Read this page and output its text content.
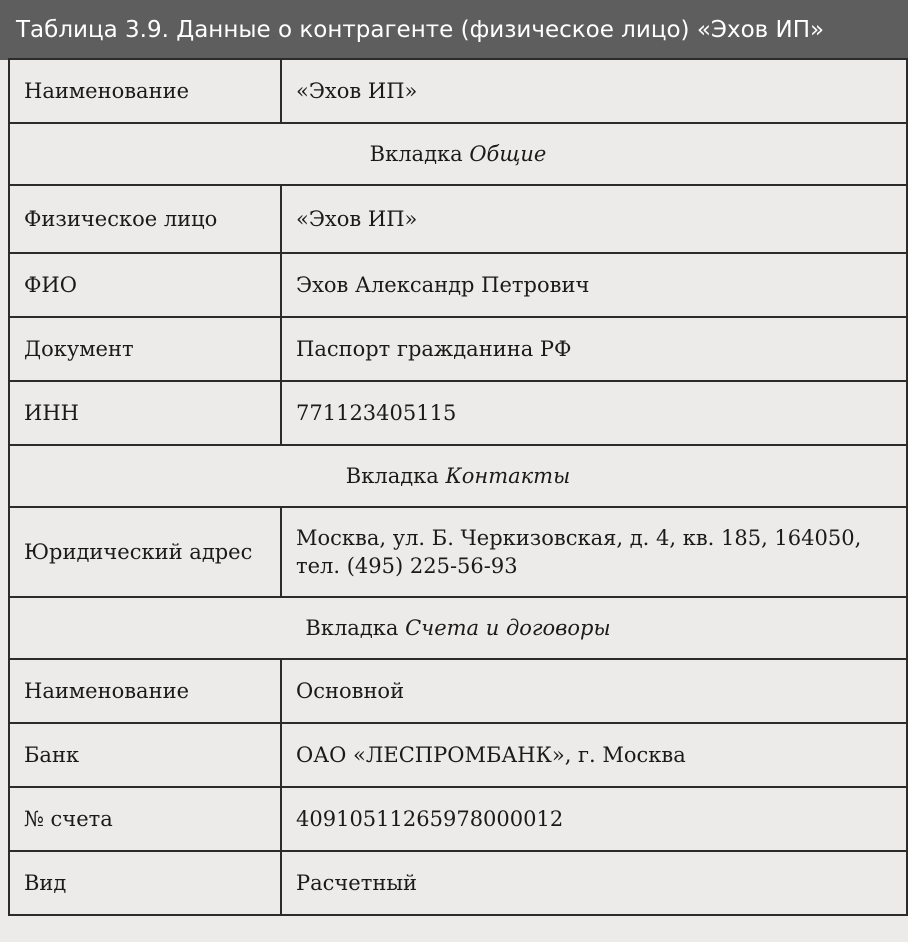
Таблица 3.9. Данные о контрагенте (физическое лицо) «Эхов ИП»
Наименование	«Эхов ИП»
Вкладка Общие	
Физическое лицо	«Эхов ИП»
ФИО	Эхов Александр Петрович
Документ	Паспорт гражданина РФ
ИНН	771123405115
Вкладка Контакты	
Юридический адрес	Москва, ул. Б. Черкизовская, д. 4, кв. 185, 164050, тел. (495) 225-56-93
Вкладка Счета и договоры	
Наименование	Основной
Банк	ОАО «ЛЕСПРОМБАНК», г. Москва
№ счета	40910511265978000012
Вид	Расчетный
